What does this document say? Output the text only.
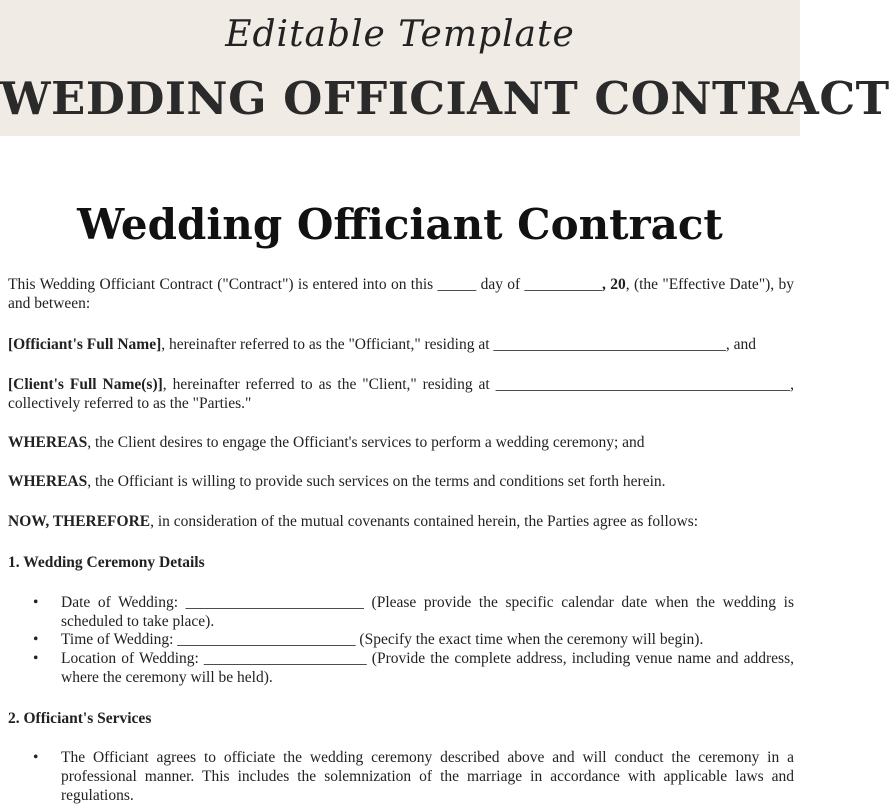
Editable Template
WEDDING OFFICIANT CONTRACT
Wedding Officiant Contract
This Wedding Officiant Contract ("Contract") is entered into on this _____ day of __________, 20, (the "Effective Date"), by and between:
[Officiant's Full Name], hereinafter referred to as the "Officiant," residing at ______________________________, and
[Client's Full Name(s)], hereinafter referred to as the "Client," residing at ______________________________________, collectively referred to as the "Parties."
WHEREAS, the Client desires to engage the Officiant's services to perform a wedding ceremony; and
WHEREAS, the Officiant is willing to provide such services on the terms and conditions set forth herein.
NOW, THEREFORE, in consideration of the mutual covenants contained herein, the Parties agree as follows:
1. Wedding Ceremony Details
• Date of Wedding: _______________________ (Please provide the specific calendar date when the wedding is scheduled to take place).
• Time of Wedding: _______________________ (Specify the exact time when the ceremony will begin).
• Location of Wedding: _____________________ (Provide the complete address, including venue name and address, where the ceremony will be held).
2. Officiant's Services
• The Officiant agrees to officiate the wedding ceremony described above and will conduct the ceremony in a professional manner. This includes the solemnization of the marriage in accordance with applicable laws and regulations.
